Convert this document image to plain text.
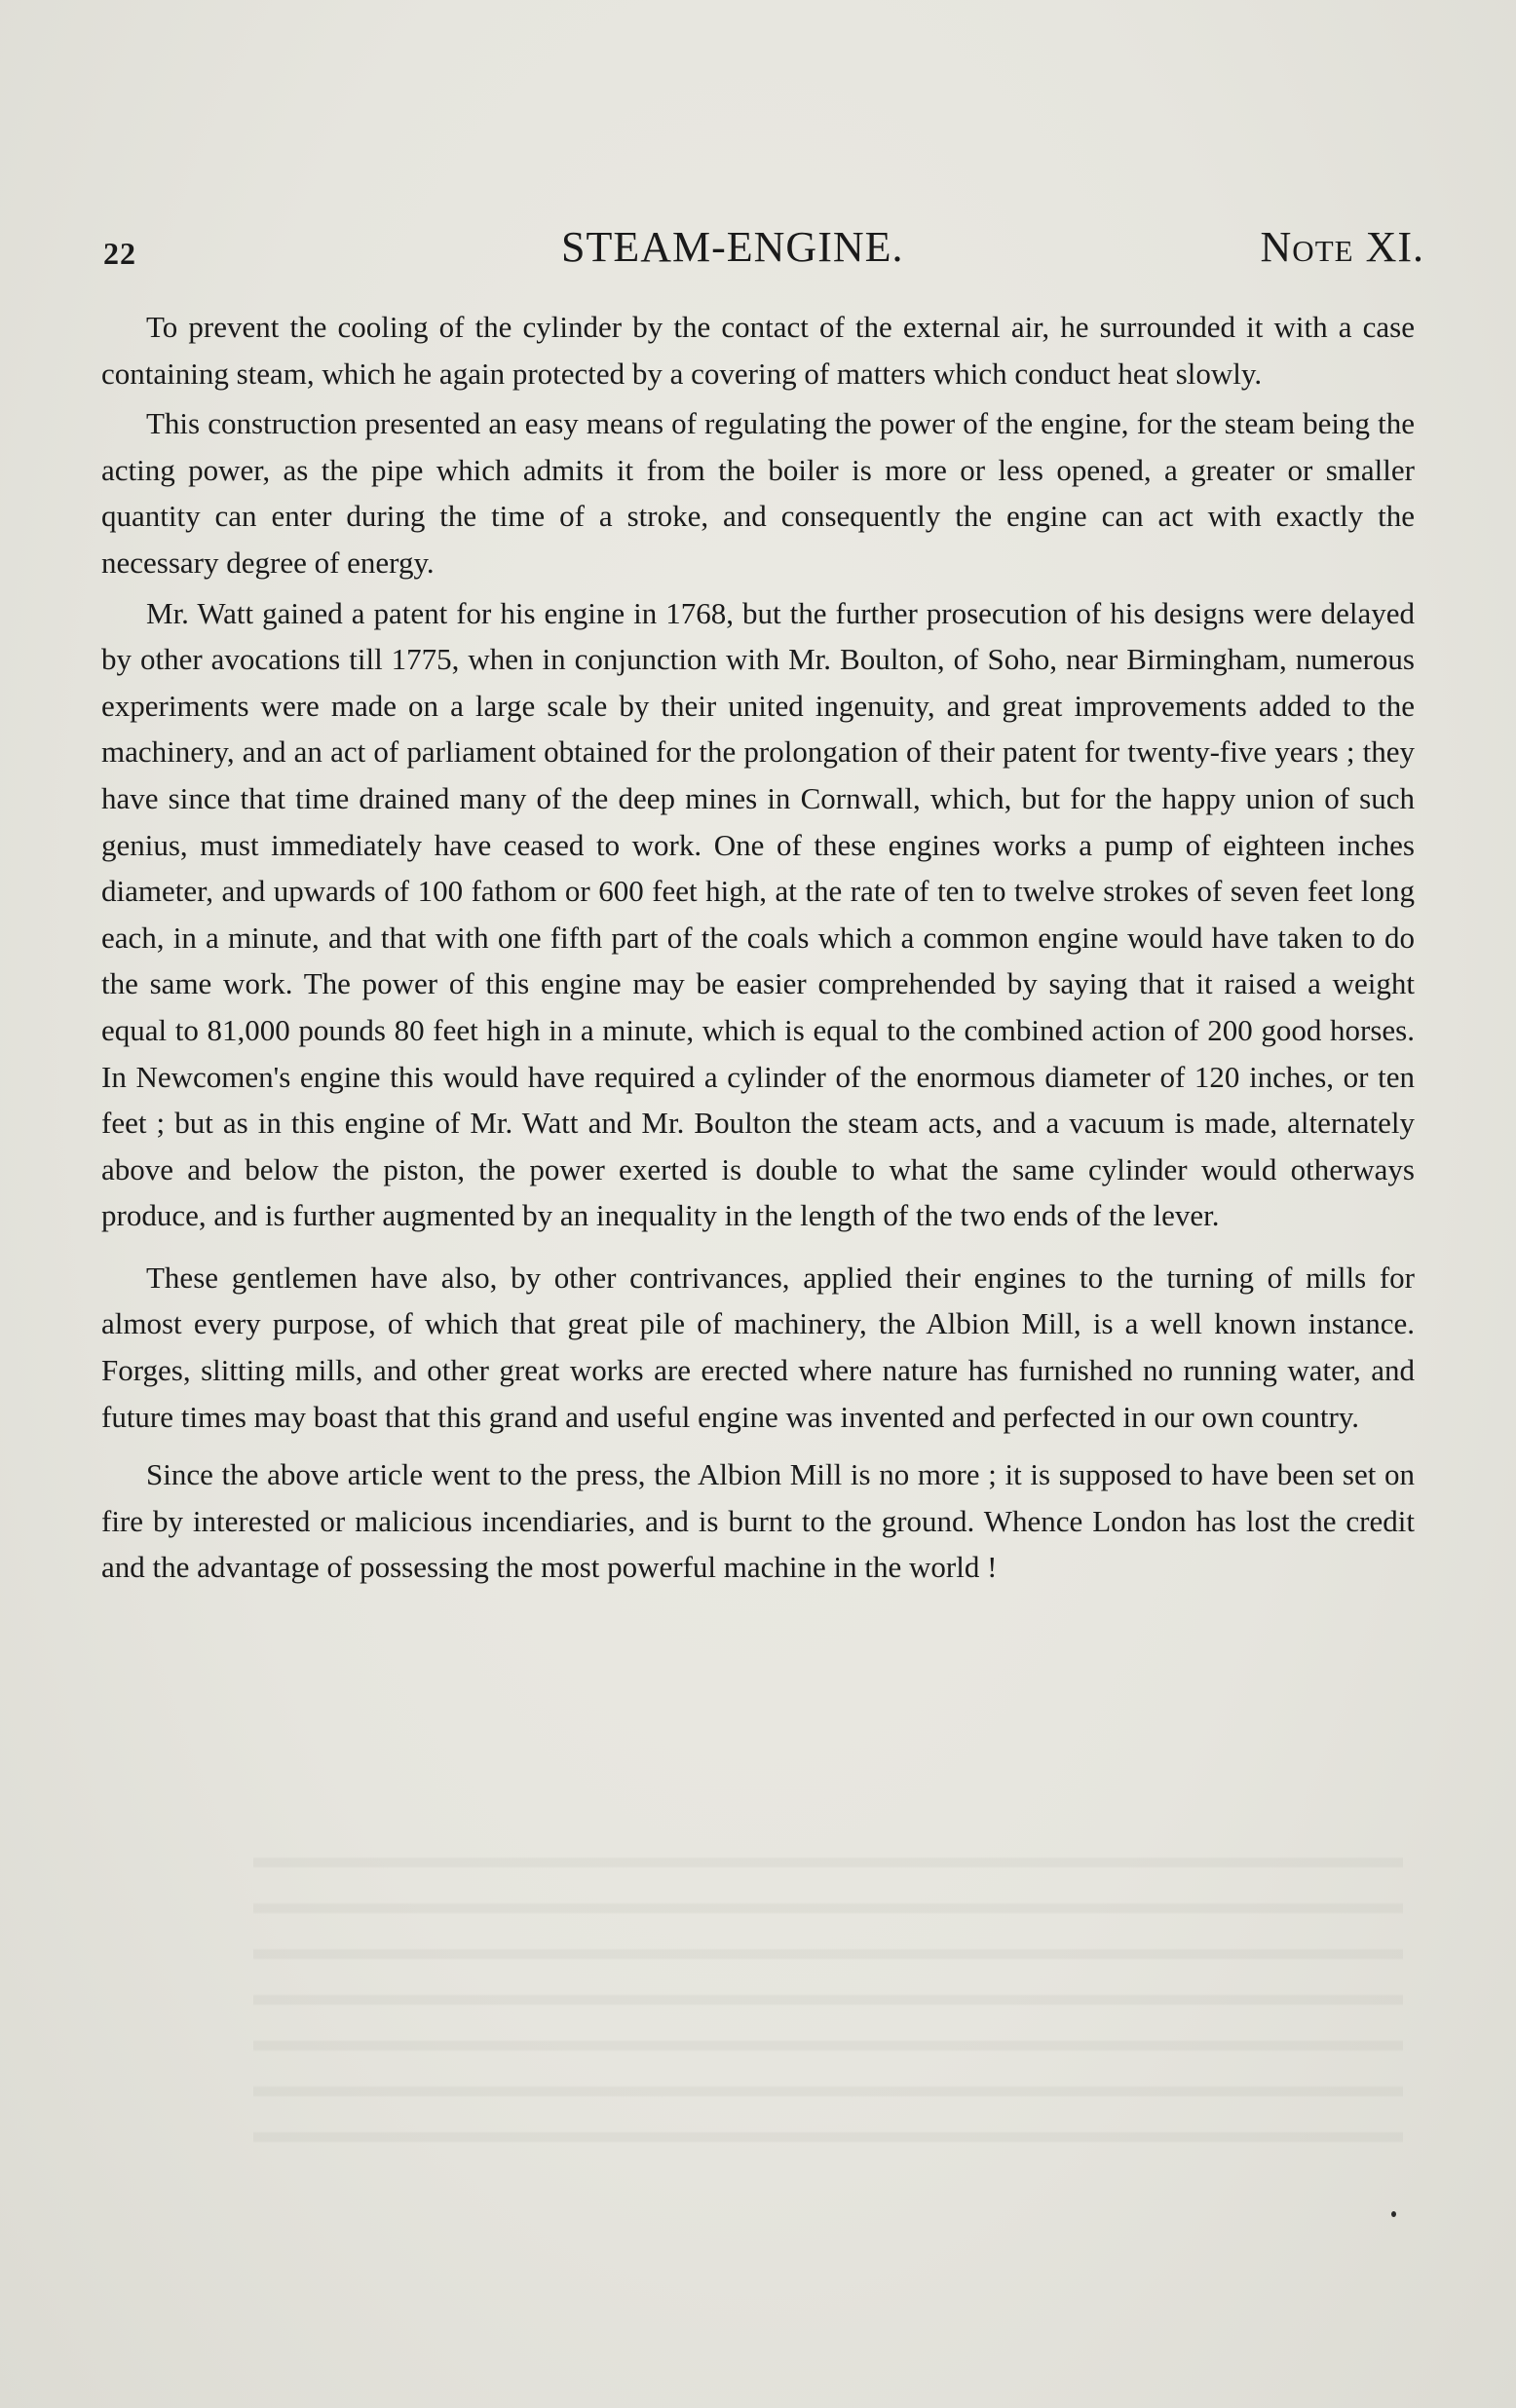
22	STEAM-ENGINE.	Note XI.

To prevent the cooling of the cylinder by the contact of the external air, he surrounded it with a case containing steam, which he again protected by a covering of matters which conduct heat slowly.

This construction presented an easy means of regulating the power of the engine, for the steam being the acting power, as the pipe which admits it from the boiler is more or less opened, a greater or smaller quantity can enter during the time of a stroke, and consequently the engine can act with exactly the necessary degree of energy.

Mr. Watt gained a patent for his engine in 1768, but the further prosecution of his designs were delayed by other avocations till 1775, when in conjunction with Mr. Boulton, of Soho, near Birmingham, numerous experiments were made on a large scale by their united ingenuity, and great improvements added to the machinery, and an act of parliament obtained for the prolongation of their patent for twenty-five years ; they have since that time drained many of the deep mines in Cornwall, which, but for the happy union of such genius, must immediately have ceased to work. One of these engines works a pump of eighteen inches diameter, and upwards of 100 fathom or 600 feet high, at the rate of ten to twelve strokes of seven feet long each, in a minute, and that with one fifth part of the coals which a common engine would have taken to do the same work. The power of this engine may be easier comprehended by saying that it raised a weight equal to 81,000 pounds 80 feet high in a minute, which is equal to the combined action of 200 good horses. In Newcomen's engine this would have required a cylinder of the enormous diameter of 120 inches, or ten feet ; but as in this engine of Mr. Watt and Mr. Boulton the steam acts, and a vacuum is made, alternately above and below the piston, the power exerted is double to what the same cylinder would otherways produce, and is further augmented by an inequality in the length of the two ends of the lever.

These gentlemen have also, by other contrivances, applied their engines to the turning of mills for almost every purpose, of which that great pile of machinery, the Albion Mill, is a well known instance. Forges, slitting mills, and other great works are erected where nature has furnished no running water, and future times may boast that this grand and useful engine was invented and perfected in our own country.

Since the above article went to the press, the Albion Mill is no more ; it is supposed to have been set on fire by interested or malicious incendiaries, and is burnt to the ground. Whence London has lost the credit and the advantage of possessing the most powerful machine in the world !
